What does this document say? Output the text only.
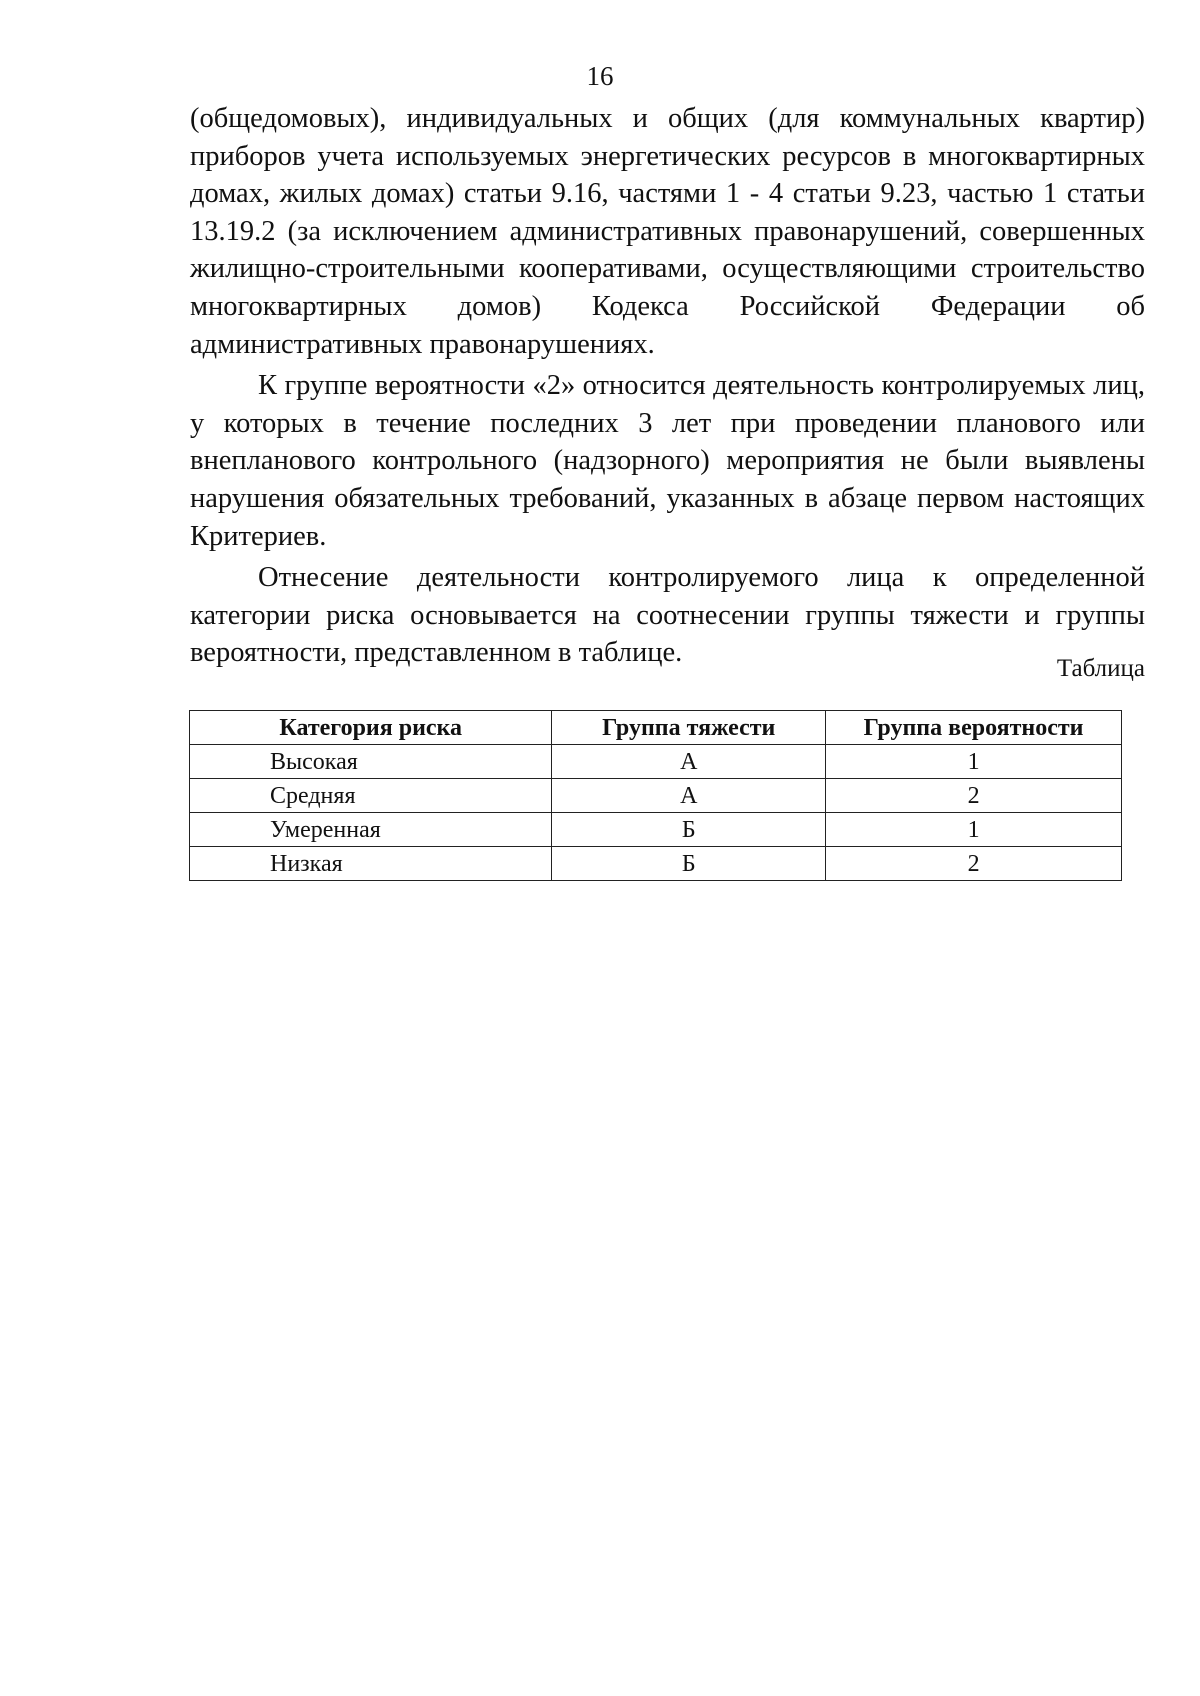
16

(общедомовых), индивидуальных и общих (для коммунальных квартир) приборов учета используемых энергетических ресурсов в многоквартирных домах, жилых домах) статьи 9.16, частями 1 - 4 статьи 9.23, частью 1 статьи 13.19.2 (за исключением административных правонарушений, совершенных жилищно-строительными кооперативами, осуществляющими строительство многоквартирных домов) Кодекса Российской Федерации об административных правонарушениях.

К группе вероятности «2» относится деятельность контролируемых лиц, у которых в течение последних 3 лет при проведении планового или внепланового контрольного (надзорного) мероприятия не были выявлены нарушения обязательных требований, указанных в абзаце первом настоящих Критериев.

Отнесение деятельности контролируемого лица к определенной категории риска основывается на соотнесении группы тяжести и группы вероятности, представленном в таблице.

Таблица
Категория риска	Группа тяжести	Группа вероятности
Высокая	А	1
Средняя	А	2
Умеренная	Б	1
Низкая	Б	2
